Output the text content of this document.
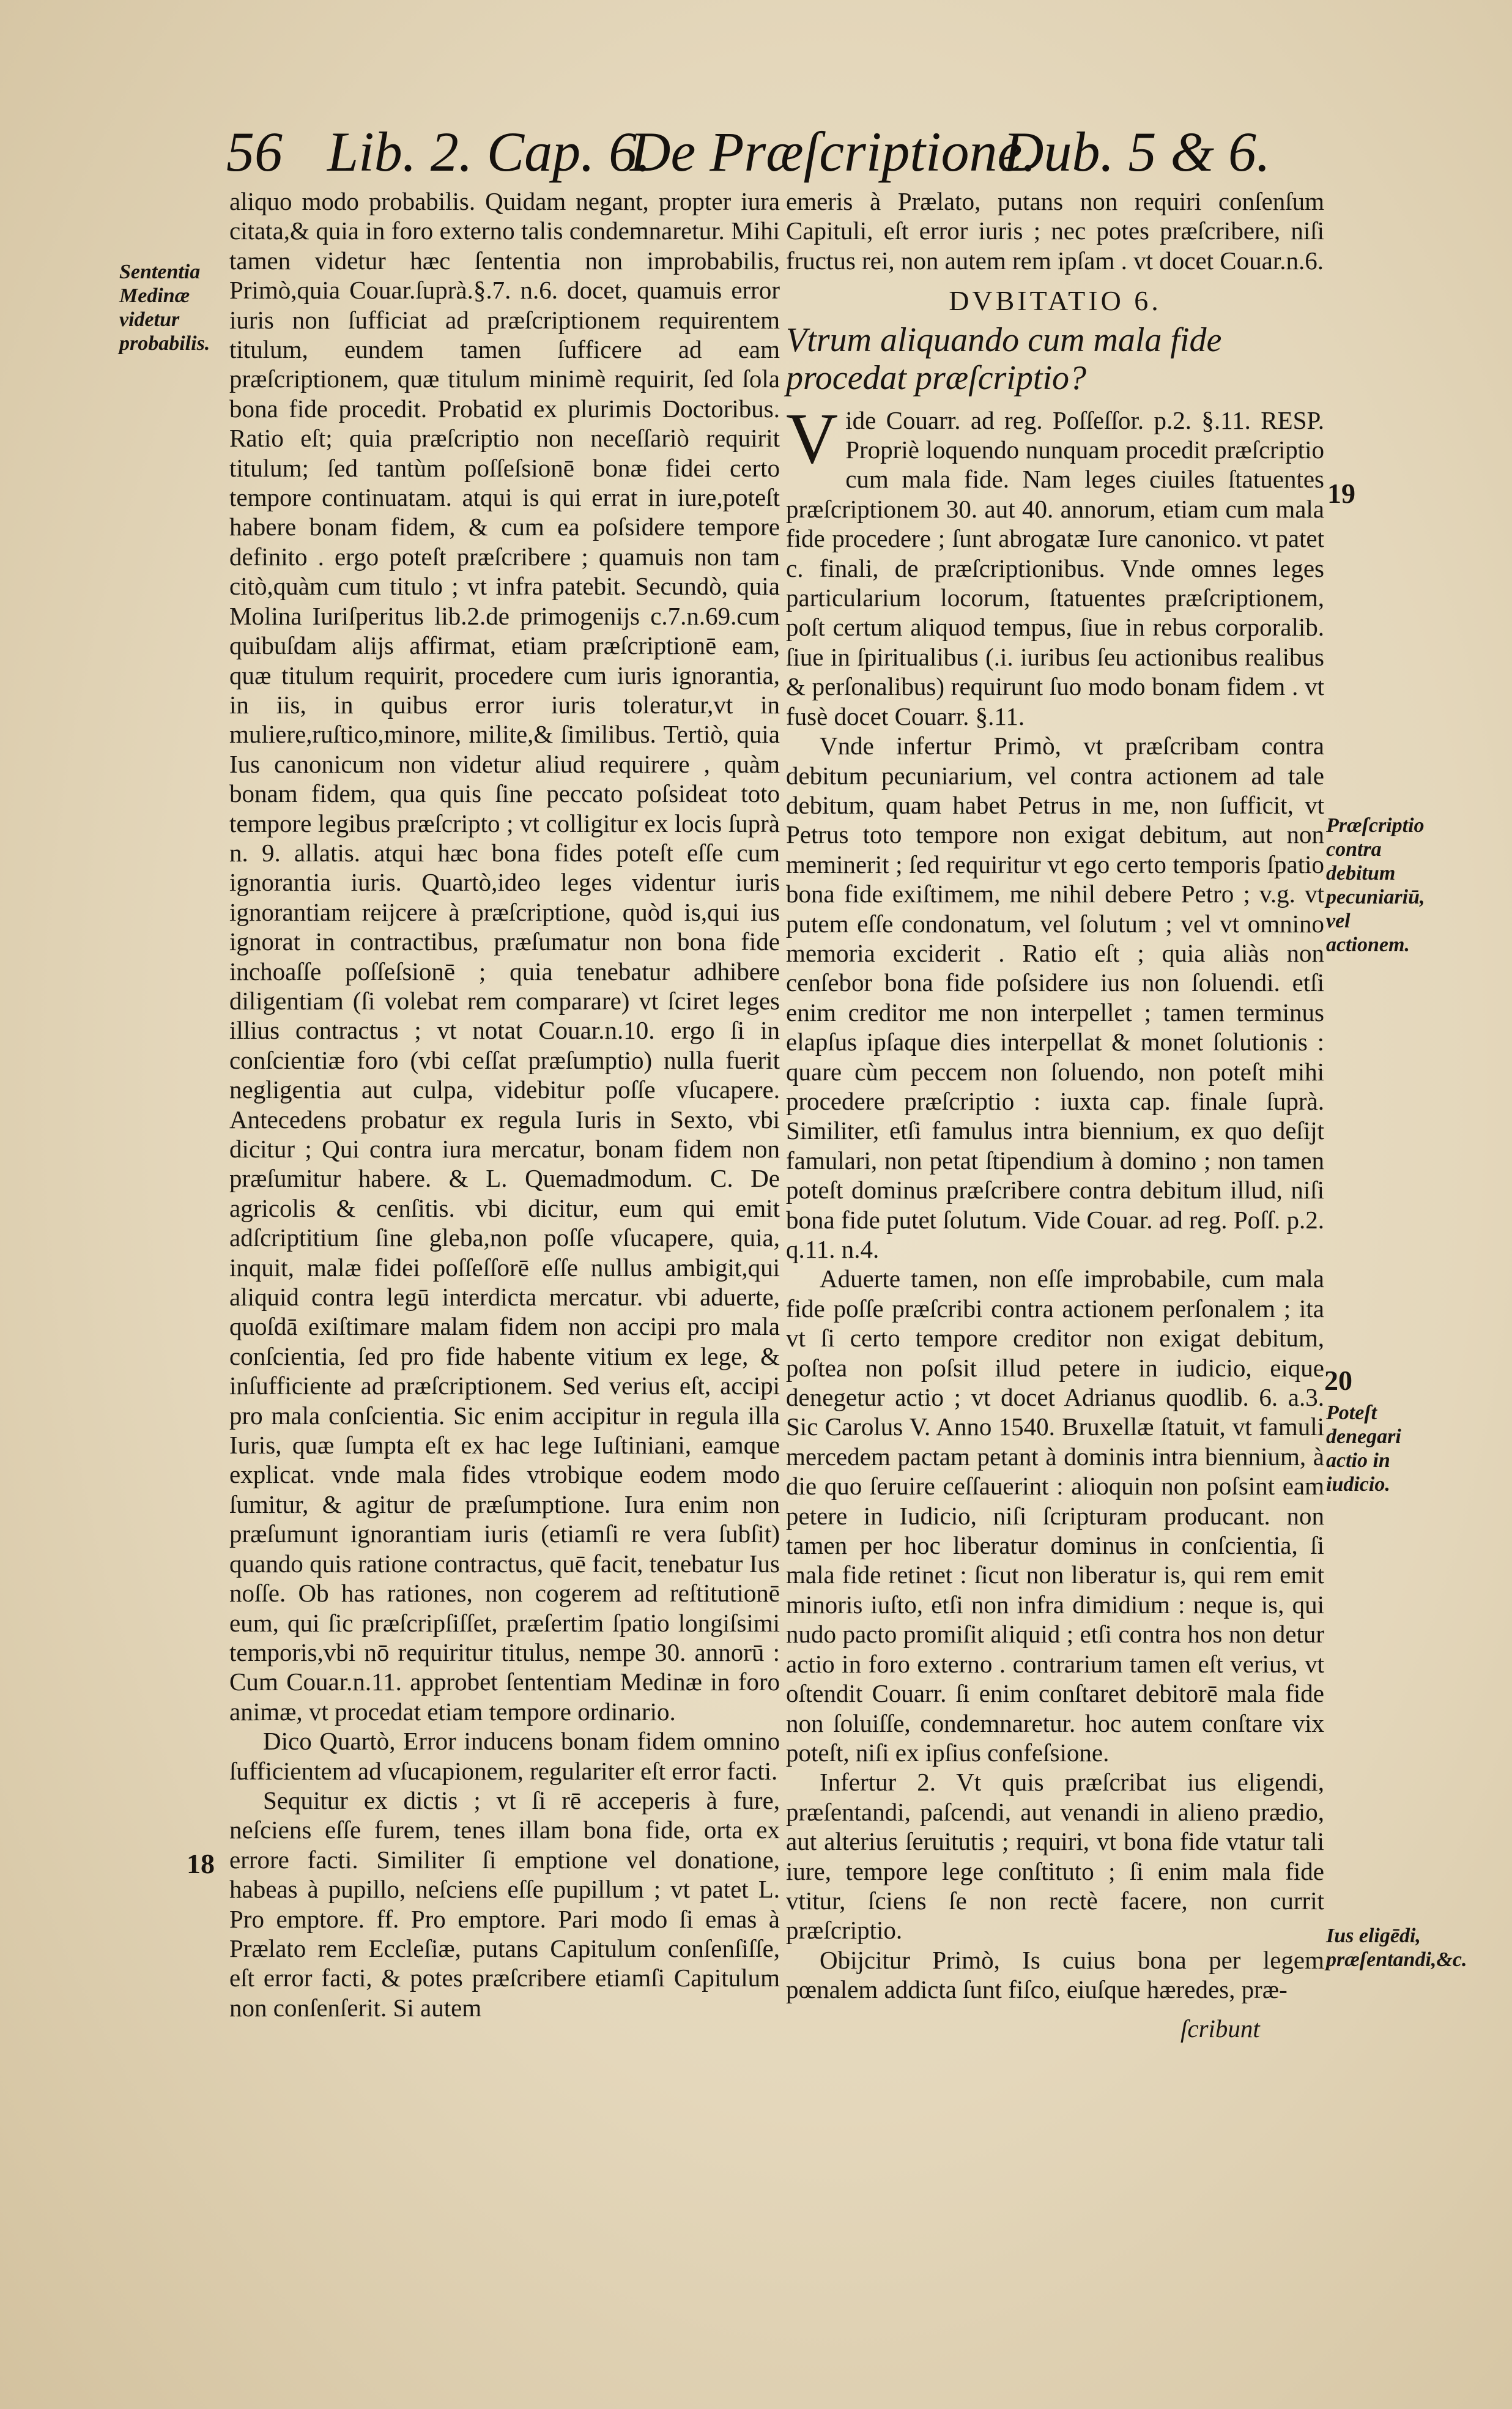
56 Lib. 2. Cap. 6.
De Præſcriptione.
Dub. 5 & 6.
Sententia Medinæ videtur probabilis.
18
19
Præſcriptio contra debitum pecuniariū, vel actionem.
20
Poteſt denegari actio in iudicio.
Ius eligēdi, præſentandi,&c.

aliquo modo probabilis. Quidam negant, propter iura citata,& quia in foro externo talis condemnaretur. Mihi tamen videtur hæc ſententia non improbabilis, Primò,quia Couar.ſuprà.§.7. n.6. docet, quamuis error iuris non ſufficiat ad præſcriptionem requirentem titulum, eundem tamen ſufficere ad eam præſcriptionem, quæ titulum minimè requirit, ſed ſola bona fide procedit. Probatid ex plurimis Doctoribus. Ratio eſt; quia præſcriptio non neceſſariò requirit titulum; ſed tantùm poſſeſsionē bonæ fidei certo tempore continuatam. atqui is qui errat in iure,poteſt habere bonam fidem, & cum ea poſsidere tempore definito . ergo poteſt præſcribere ; quamuis non tam citò,quàm cum titulo ; vt infra patebit. Secundò, quia Molina Iuriſperitus lib.2.de primogenijs c.7.n.69.cum quibuſdam alijs affirmat, etiam præſcriptionē eam, quæ titulum requirit, procedere cum iuris ignorantia, in iis, in quibus error iuris toleratur,vt in muliere,ruſtico,minore, milite,& ſimilibus. Tertiò, quia Ius canonicum non videtur aliud requirere , quàm bonam fidem, qua quis ſine peccato poſsideat toto tempore legibus præſcripto ; vt colligitur ex locis ſuprà n. 9. allatis. atqui hæc bona fides poteſt eſſe cum ignorantia iuris. Quartò,ideo leges videntur iuris ignorantiam reijcere à præſcriptione, quòd is,qui ius ignorat in contractibus, præſumatur non bona fide inchoaſſe poſſeſsionē ; quia tenebatur adhibere diligentiam (ſi volebat rem comparare) vt ſciret leges illius contractus ; vt notat Couar.n.10. ergo ſi in conſcientiæ foro (vbi ceſſat præſumptio) nulla fuerit negligentia aut culpa, videbitur poſſe vſucapere. Antecedens probatur ex regula Iuris in Sexto, vbi dicitur ; Qui contra iura mercatur, bonam fidem non præſumitur habere. & L. Quemadmodum. C. De agricolis & cenſitis. vbi dicitur, eum qui emit adſcriptitium ſine gleba,non poſſe vſucapere, quia, inquit, malæ fidei poſſeſſorē eſſe nullus ambigit,qui aliquid contra legū interdicta mercatur. vbi aduerte, quoſdā exiſtimare malam fidem non accipi pro mala conſcientia, ſed pro fide habente vitium ex lege, & inſufficiente ad præſcriptionem. Sed verius eſt, accipi pro mala conſcientia. Sic enim accipitur in regula illa Iuris, quæ ſumpta eſt ex hac lege Iuſtiniani, eamque explicat. vnde mala fides vtrobique eodem modo ſumitur, & agitur de præſumptione. Iura enim non præſumunt ignorantiam iuris (etiamſi re vera ſubſit) quando quis ratione contractus, quē facit, tenebatur Ius noſſe. Ob has rationes, non cogerem ad reſtitutionē eum, qui ſic præſcripſiſſet, præſertim ſpatio longiſsimi temporis,vbi nō requiritur titulus, nempe 30. annorū : Cum Couar.n.11. approbet ſententiam Medinæ in foro animæ, vt procedat etiam tempore ordinario.

Dico Quartò, Error inducens bonam fidem omnino ſufficientem ad vſucapionem, regulariter eſt error facti.

Sequitur ex dictis ; vt ſi rē acceperis à fure, neſciens eſſe furem, tenes illam bona fide, orta ex errore facti. Similiter ſi emptione vel donatione, habeas à pupillo, neſciens eſſe pupillum ; vt patet L. Pro emptore. ff. Pro emptore. Pari modo ſi emas à Prælato rem Eccleſiæ, putans Capitulum conſenſiſſe, eſt error facti, & potes præſcribere etiamſi Capitulum non conſenſerit. Si autem

emeris à Prælato, putans non requiri conſenſum Capituli, eſt error iuris ; nec potes præſcribere, niſi fructus rei, non autem rem ipſam . vt docet Couar.n.6.

DVBITATIO 6.
Vtrum aliquando cum mala fide procedat præſcriptio?

Vide Couarr. ad reg. Poſſeſſor. p.2. §.11. RESP. Propriè loquendo nunquam procedit præſcriptio cum mala fide. Nam leges ciuiles ſtatuentes præſcriptionem 30. aut 40. annorum, etiam cum mala fide procedere ; ſunt abrogatæ Iure canonico. vt patet c. finali, de præſcriptionibus. Vnde omnes leges particularium locorum, ſtatuentes præſcriptionem, poſt certum aliquod tempus, ſiue in rebus corporalib. ſiue in ſpiritualibus (.i. iuribus ſeu actionibus realibus & perſonalibus) requirunt ſuo modo bonam fidem . vt fusè docet Couarr. §.11.

Vnde infertur Primò, vt præſcribam contra debitum pecuniarium, vel contra actionem ad tale debitum, quam habet Petrus in me, non ſufficit, vt Petrus toto tempore non exigat debitum, aut non meminerit ; ſed requiritur vt ego certo temporis ſpatio bona fide exiſtimem, me nihil debere Petro ; v.g. vt putem eſſe condonatum, vel ſolutum ; vel vt omnino memoria exciderit . Ratio eſt ; quia aliàs non cenſebor bona fide poſsidere ius non ſoluendi. etſi enim creditor me non interpellet ; tamen terminus elapſus ipſaque dies interpellat & monet ſolutionis : quare cùm peccem non ſoluendo, non poteſt mihi procedere præſcriptio : iuxta cap. finale ſuprà. Similiter, etſi famulus intra biennium, ex quo deſijt famulari, non petat ſtipendium à domino ; non tamen poteſt dominus præſcribere contra debitum illud, niſi bona fide putet ſolutum. Vide Couar. ad reg. Poſſ. p.2. q.11. n.4.

Aduerte tamen, non eſſe improbabile, cum mala fide poſſe præſcribi contra actionem perſonalem ; ita vt ſi certo tempore creditor non exigat debitum, poſtea non poſsit illud petere in iudicio, eique denegetur actio ; vt docet Adrianus quodlib. 6. a.3. Sic Carolus V. Anno 1540. Bruxellæ ſtatuit, vt famuli mercedem pactam petant à dominis intra biennium, à die quo ſeruire ceſſauerint : alioquin non poſsint eam petere in Iudicio, niſi ſcripturam producant. non tamen per hoc liberatur dominus in conſcientia, ſi mala fide retinet : ſicut non liberatur is, qui rem emit minoris iuſto, etſi non infra dimidium : neque is, qui nudo pacto promiſit aliquid ; etſi contra hos non detur actio in foro externo . contrarium tamen eſt verius, vt oſtendit Couarr. ſi enim conſtaret debitorē mala fide non ſoluiſſe, condemnaretur. hoc autem conſtare vix poteſt, niſi ex ipſius confeſsione.

Infertur 2. Vt quis præſcribat ius eligendi, præſentandi, paſcendi, aut venandi in alieno prædio, aut alterius ſeruitutis ; requiri, vt bona fide vtatur tali iure, tempore lege conſtituto ; ſi enim mala fide vtitur, ſciens ſe non rectè facere, non currit præſcriptio.

Obijcitur Primò, Is cuius bona per legem pœnalem addicta ſunt fiſco, eiuſque hæredes, præ-

ſcribunt
